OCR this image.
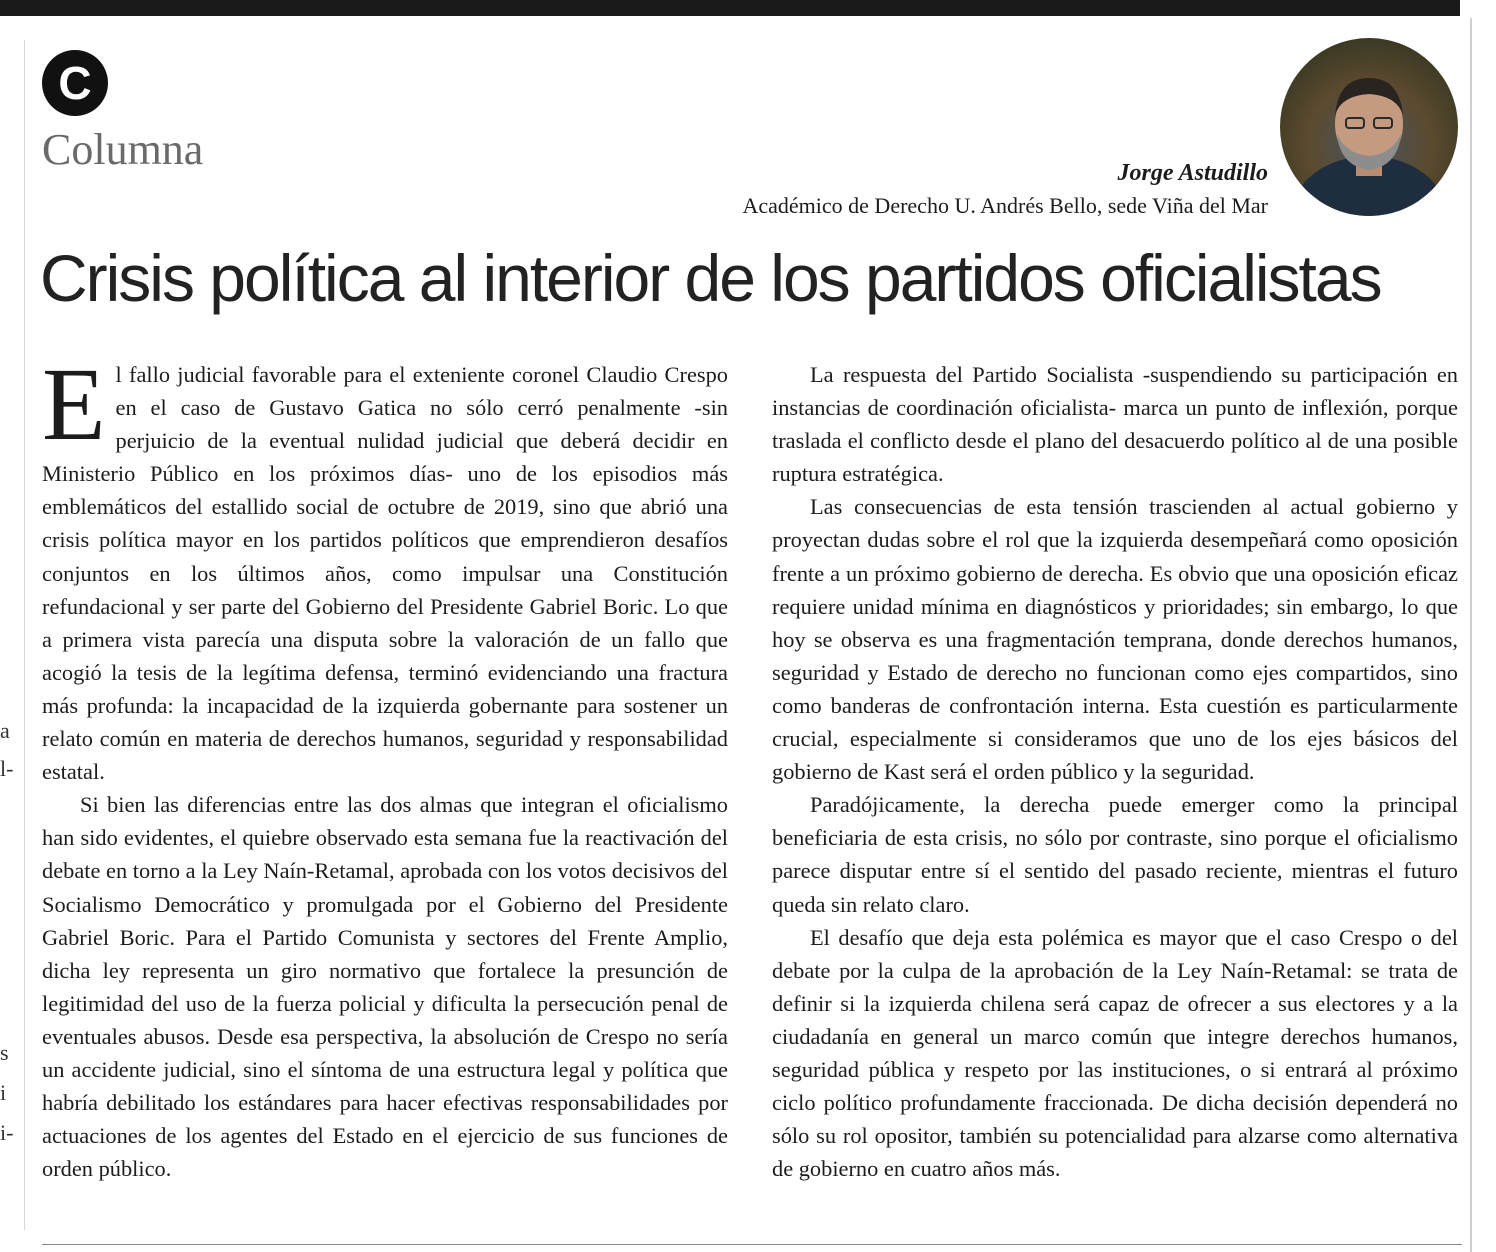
a
l-
s
i
i-
C
Columna	Jorge Astudillo
Académico de Derecho U. Andrés Bello, sede Viña del Mar
Crisis política al interior de los partidos oficialistas

El fallo judicial favorable para el exteniente coronel Claudio Crespo en el caso de Gustavo Gatica no sólo cerró penalmente -sin perjuicio de la eventual nulidad judicial que deberá decidir en Ministerio Público en los próximos días- uno de los episodios más emblemáticos del estallido social de octubre de 2019, sino que abrió una crisis política mayor en los partidos políticos que emprendieron desafíos conjuntos en los últimos años, como impulsar una Constitución refundacional y ser parte del Gobierno del Presidente Gabriel Boric. Lo que a primera vista parecía una disputa sobre la valoración de un fallo que acogió la tesis de la legítima defensa, terminó evidenciando una fractura más profunda: la incapacidad de la izquierda gobernante para sostener un relato común en materia de derechos humanos, seguridad y responsabilidad estatal.

Si bien las diferencias entre las dos almas que integran el oficialismo han sido evidentes, el quiebre observado esta semana fue la reactivación del debate en torno a la Ley Naín-Retamal, aprobada con los votos decisivos del Socialismo Democrático y promulgada por el Gobierno del Presidente Gabriel Boric. Para el Partido Comunista y sectores del Frente Amplio, dicha ley representa un giro normativo que fortalece la presunción de legitimidad del uso de la fuerza policial y dificulta la persecución penal de eventuales abusos. Desde esa perspectiva, la absolución de Crespo no sería un accidente judicial, sino el síntoma de una estructura legal y política que habría debilitado los estándares para hacer efectivas responsabilidades por actuaciones de los agentes del Estado en el ejercicio de sus funciones de orden público.

La respuesta del Partido Socialista -suspendiendo su participación en instancias de coordinación oficialista- marca un punto de inflexión, porque traslada el conflicto desde el plano del desacuerdo político al de una posible ruptura estratégica.

Las consecuencias de esta tensión trascienden al actual gobierno y proyectan dudas sobre el rol que la izquierda desempeñará como oposición frente a un próximo gobierno de derecha. Es obvio que una oposición eficaz requiere unidad mínima en diagnósticos y prioridades; sin embargo, lo que hoy se observa es una fragmentación temprana, donde derechos humanos, seguridad y Estado de derecho no funcionan como ejes compartidos, sino como banderas de confrontación interna. Esta cuestión es particularmente crucial, especialmente si consideramos que uno de los ejes básicos del gobierno de Kast será el orden público y la seguridad.

Paradójicamente, la derecha puede emerger como la principal beneficiaria de esta crisis, no sólo por contraste, sino porque el oficialismo parece disputar entre sí el sentido del pasado reciente, mientras el futuro queda sin relato claro.

El desafío que deja esta polémica es mayor que el caso Crespo o del debate por la culpa de la aprobación de la Ley Naín-Retamal: se trata de definir si la izquierda chilena será capaz de ofrecer a sus electores y a la ciudadanía en general un marco común que integre derechos humanos, seguridad pública y respeto por las instituciones, o si entrará al próximo ciclo político profundamente fraccionada. De dicha decisión dependerá no sólo su rol opositor, también su potencialidad para alzarse como alternativa de gobierno en cuatro años más.
